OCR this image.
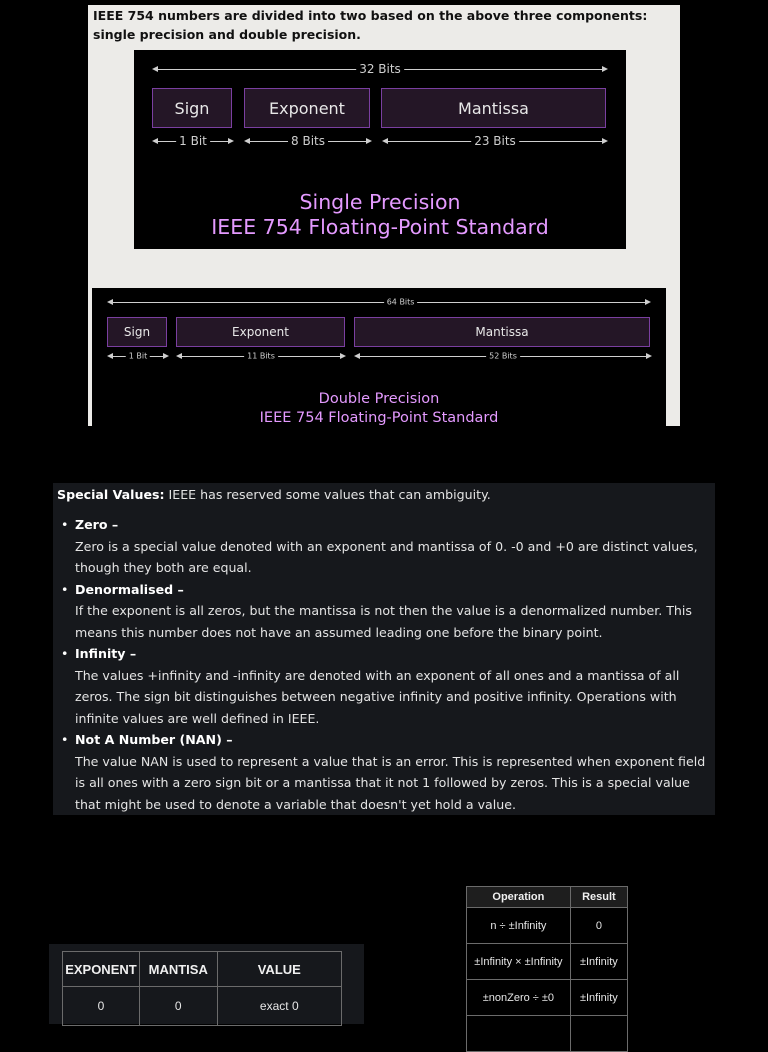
IEEE 754 numbers are divided into two based on the above three components: single precision and double precision.
32 Bits
Sign	Exponent	Mantissa
1 Bit	8 Bits	23 Bits
Single Precision
IEEE 754 Floating-Point Standard
64 Bits
Sign	Exponent	Mantissa
1 Bit	11 Bits	52 Bits
Double Precision
IEEE 754 Floating-Point Standard
Special Values: IEEE has reserved some values that can ambiguity.
• Zero –
Zero is a special value denoted with an exponent and mantissa of 0. -0 and +0 are distinct values, though they both are equal.
• Denormalised –
If the exponent is all zeros, but the mantissa is not then the value is a denormalized number. This means this number does not have an assumed leading one before the binary point.
• Infinity –
The values +infinity and -infinity are denoted with an exponent of all ones and a mantissa of all zeros. The sign bit distinguishes between negative infinity and positive infinity. Operations with infinite values are well defined in IEEE.
• Not A Number (NAN) –
The value NAN is used to represent a value that is an error. This is represented when exponent field is all ones with a zero sign bit or a mantissa that it not 1 followed by zeros. This is a special value that might be used to denote a variable that doesn't yet hold a value.
Operation	Result
n ÷ ±Infinity	0
±Infinity × ±Infinity	±Infinity
±nonZero ÷ ±0	±Infinity

EXPONENT	MANTISA	VALUE
0	0	exact 0
